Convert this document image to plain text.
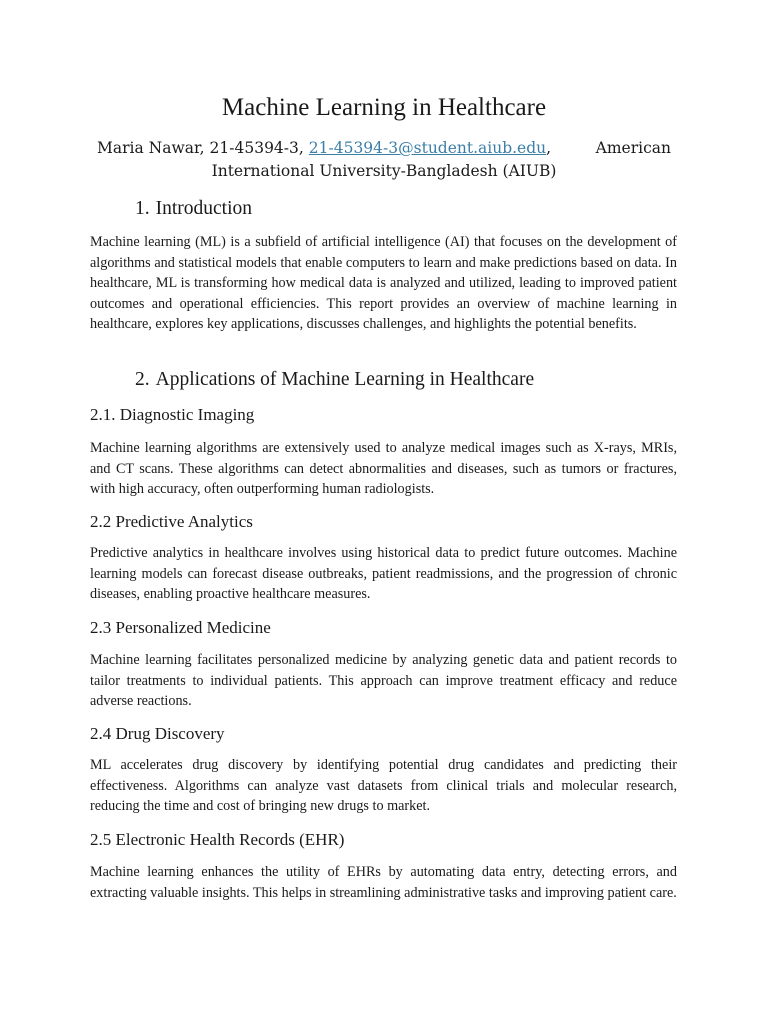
Machine Learning in Healthcare
Maria Nawar, 21-45394-3, 21-45394-3@student.aiub.edu,	American
International University-Bangladesh (AIUB)
1. Introduction
Machine learning (ML) is a subfield of artificial intelligence (AI) that focuses on the development of algorithms and statistical models that enable computers to learn and make predictions based on data. In healthcare, ML is transforming how medical data is analyzed and utilized, leading to improved patient outcomes and operational efficiencies. This report provides an overview of machine learning in healthcare, explores key applications, discusses challenges, and highlights the potential benefits.
2. Applications of Machine Learning in Healthcare
2.1. Diagnostic Imaging
Machine learning algorithms are extensively used to analyze medical images such as X-rays, MRIs, and CT scans. These algorithms can detect abnormalities and diseases, such as tumors or fractures, with high accuracy, often outperforming human radiologists.
2.2 Predictive Analytics
Predictive analytics in healthcare involves using historical data to predict future outcomes. Machine learning models can forecast disease outbreaks, patient readmissions, and the progression of chronic diseases, enabling proactive healthcare measures.
2.3 Personalized Medicine
Machine learning facilitates personalized medicine by analyzing genetic data and patient records to tailor treatments to individual patients. This approach can improve treatment efficacy and reduce adverse reactions.
2.4 Drug Discovery
ML accelerates drug discovery by identifying potential drug candidates and predicting their effectiveness. Algorithms can analyze vast datasets from clinical trials and molecular research, reducing the time and cost of bringing new drugs to market.
2.5 Electronic Health Records (EHR)
Machine learning enhances the utility of EHRs by automating data entry, detecting errors, and extracting valuable insights. This helps in streamlining administrative tasks and improving patient care.
